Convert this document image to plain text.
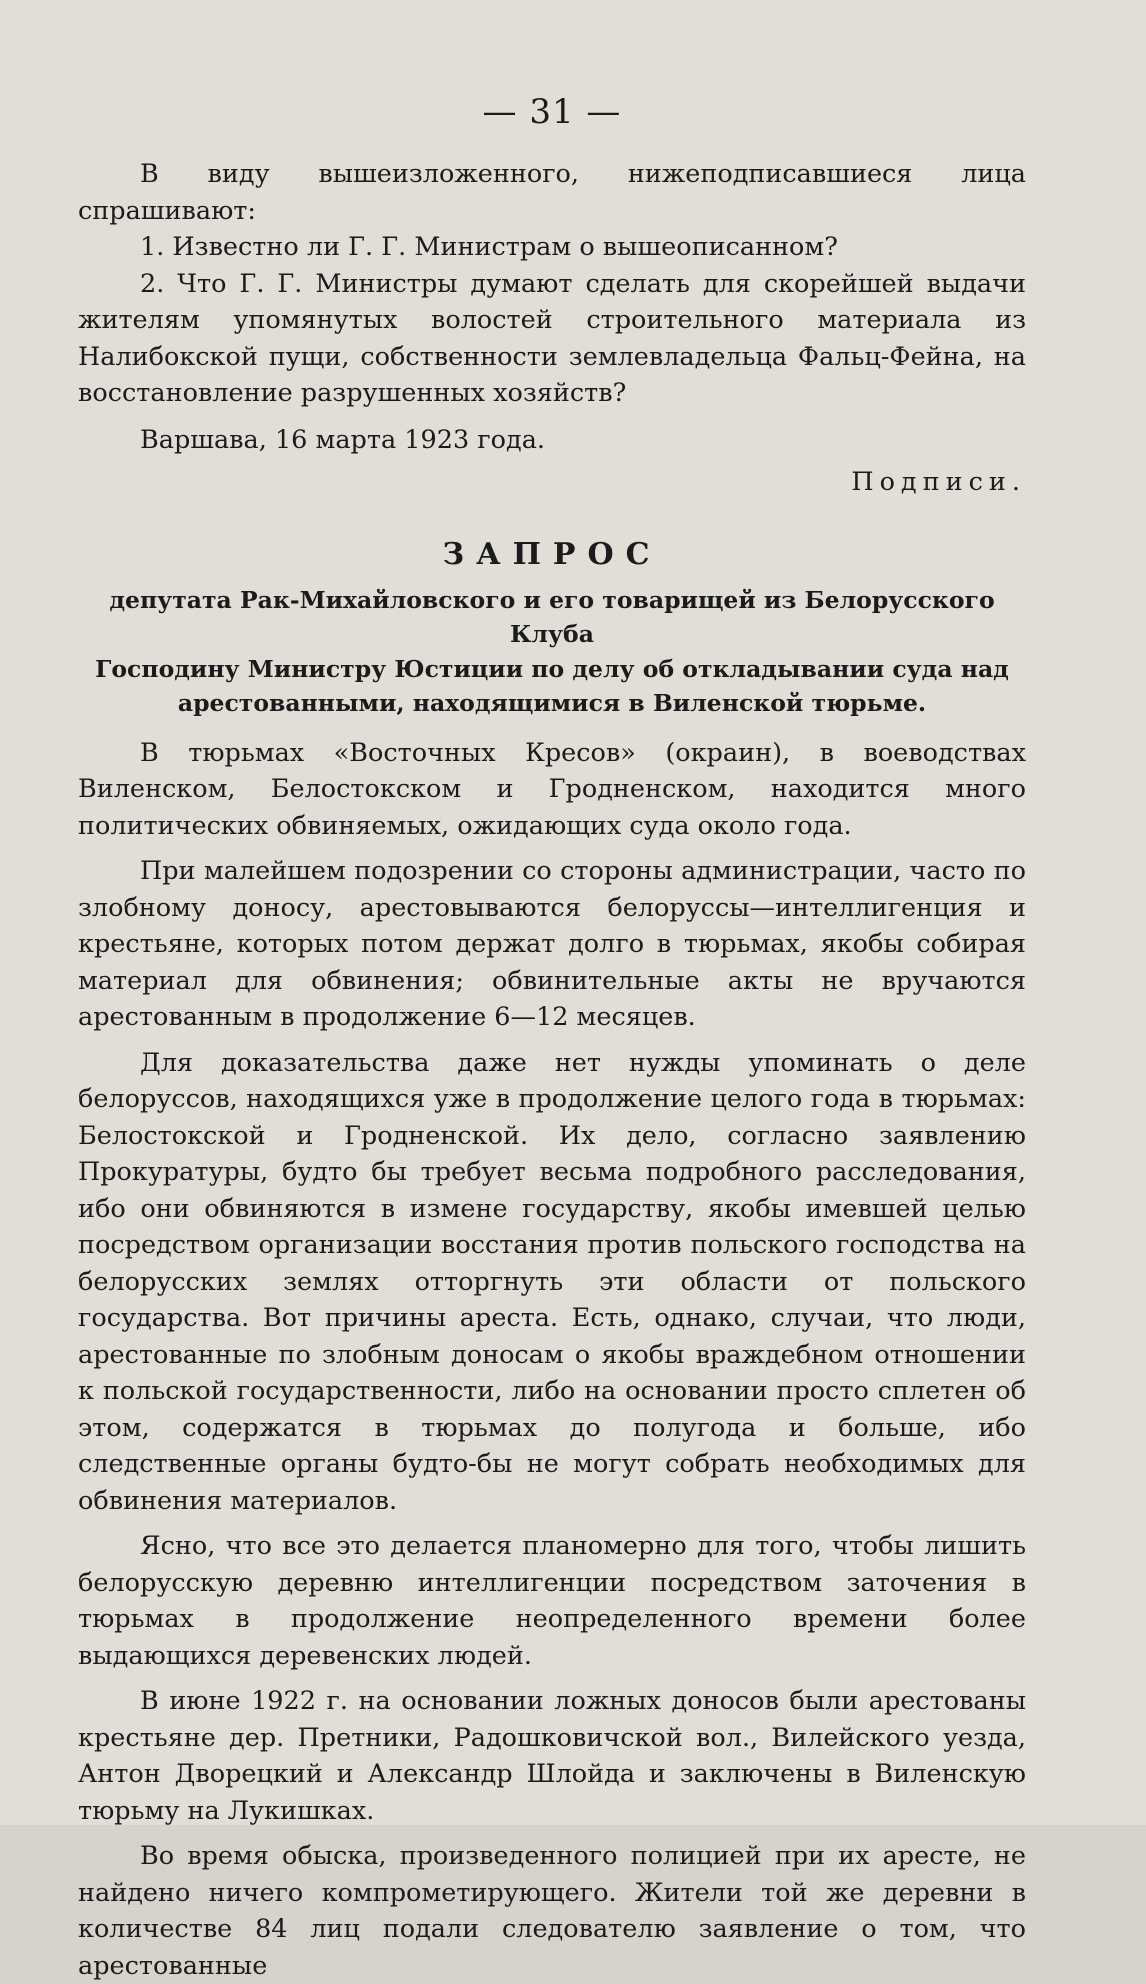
— 31 —

В виду вышеизложенного, нижеподписавшиеся лица спрашивают:

1. Известно ли Г. Г. Министрам о вышеописанном?

2. Что Г. Г. Министры думают сделать для скорейшей выдачи жителям упомянутых волостей строительного материала из Налибокской пущи, собственности землевладельца Фальц-Фейна, на восстановление разрушенных хозяйств?

Варшава, 16 марта 1923 года.

Подписи.

ЗАПРОС
депутата Рак-Михайловского и его товарищей из Белорусского Клуба
Господину Министру Юстиции по делу об откладывании суда над
арестованными, находящимися в Виленской тюрьме.

В тюрьмах «Восточных Кресов» (окраин), в воеводствах Виленском, Белостокском и Гродненском, находится много политических обвиняемых, ожидающих суда около года.

При малейшем подозрении со стороны администрации, часто по злобному доносу, арестовываются белоруссы—интеллигенция и крестьяне, которых потом держат долго в тюрьмах, якобы собирая материал для обвинения; обвинительные акты не вручаются арестованным в продолжение 6—12 месяцев.

Для доказательства даже нет нужды упоминать о деле белоруссов, находящихся уже в продолжение целого года в тюрьмах: Белостокской и Гродненской. Их дело, согласно заявлению Прокуратуры, будто бы требует весьма подробного расследования, ибо они обвиняются в измене государству, якобы имевшей целью посредством организации восстания против польского господства на белорусских землях отторгнуть эти области от польского государства. Вот причины ареста. Есть, однако, случаи, что люди, арестованные по злобным доносам о якобы враждебном отношении к польской государственности, либо на основании просто сплетен об этом, содержатся в тюрьмах до полугода и больше, ибо следственные органы будто-бы не могут собрать необходимых для обвинения материалов.

Ясно, что все это делается планомерно для того, чтобы лишить белорусскую деревню интеллигенции посредством заточения в тюрьмах в продолжение неопределенного времени более выдающихся деревенских людей.

В июне 1922 г. на основании ложных доносов были арестованы крестьяне дер. Претники, Радошковичской вол., Вилейского уезда, Антон Дворецкий и Александр Шлойда и заключены в Виленскую тюрьму на Лукишках.

Во время обыска, произведенного полицией при их аресте, не найдено ничего компрометирующего. Жители той же деревни в количестве 84 лиц подали следователю заявление о том, что арестованные
